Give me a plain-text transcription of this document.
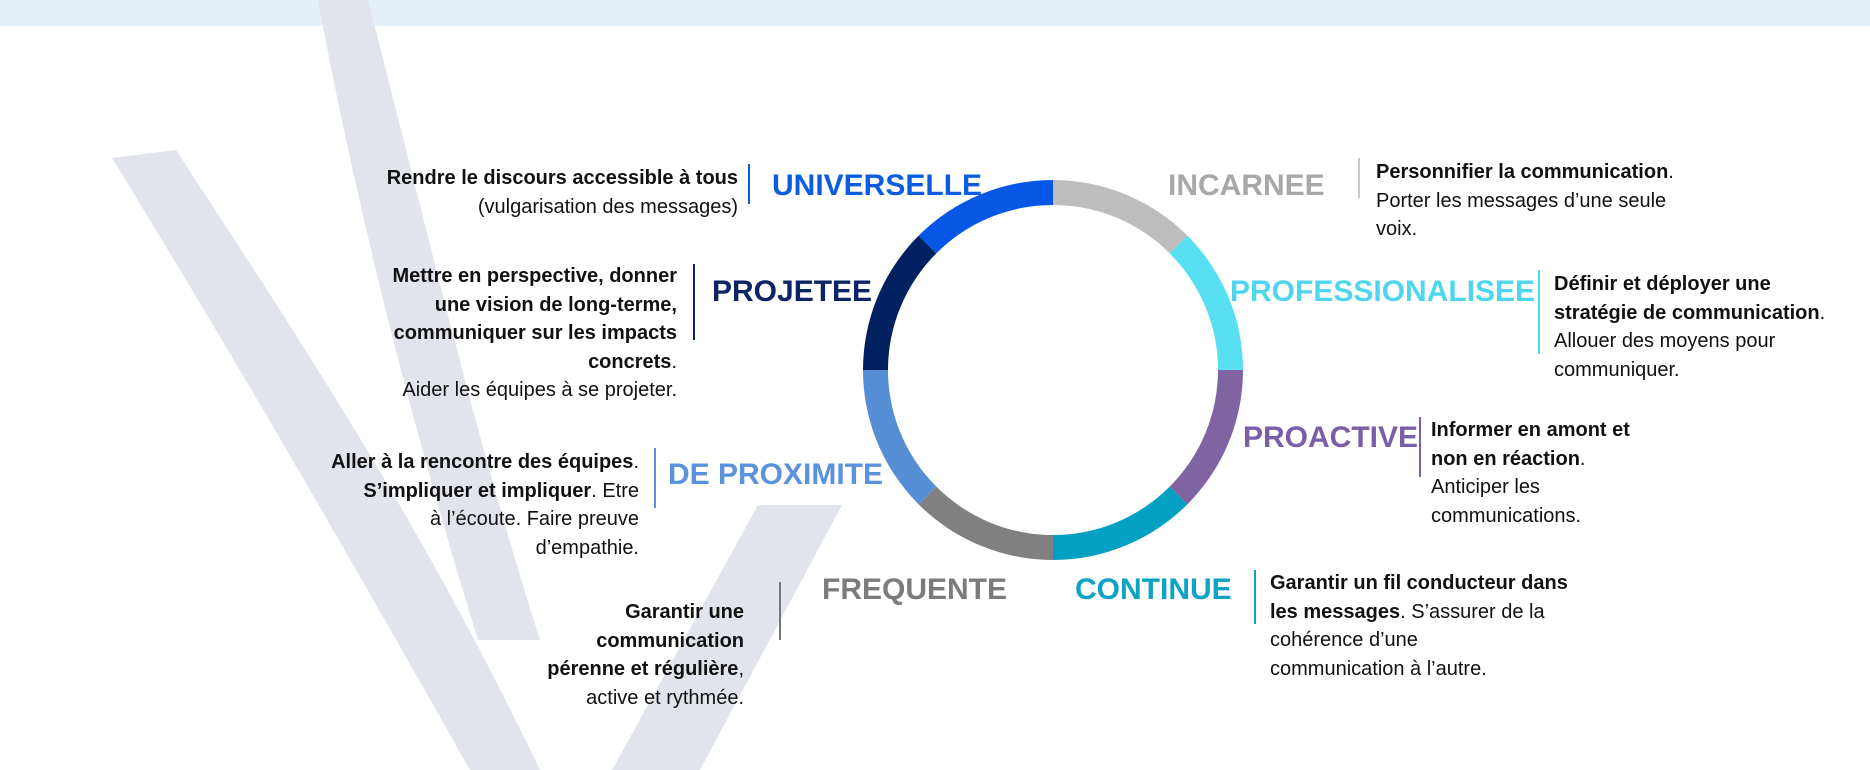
Rendre le discours accessible à tous
(vulgarisation des messages)
UNIVERSELLE	INCARNEE	Personnifier la communication.
Porter les messages d’une seule
voix.
Mettre en perspective, donner
une vision de long-terme,
communiquer sur les impacts
concrets.
Aider les équipes à se projeter.
PROJETEE	PROFESSIONALISEE Définir et déployer une
stratégie de communication.
Allouer des moyens pour
communiquer.
PROACTIVE Informer en amont et
non en réaction.
Anticiper les
communications.
Aller à la rencontre des équipes.
S’impliquer et impliquer. Etre
à l’écoute. Faire preuve
d’empathie.
DE PROXIMITE
FREQUENTE
Garantir une
communication
pérenne et régulière,
active et rythmée.
CONTINUE Garantir un fil conducteur dans
les messages. S’assurer de la
cohérence d’une
communication à l’autre.
